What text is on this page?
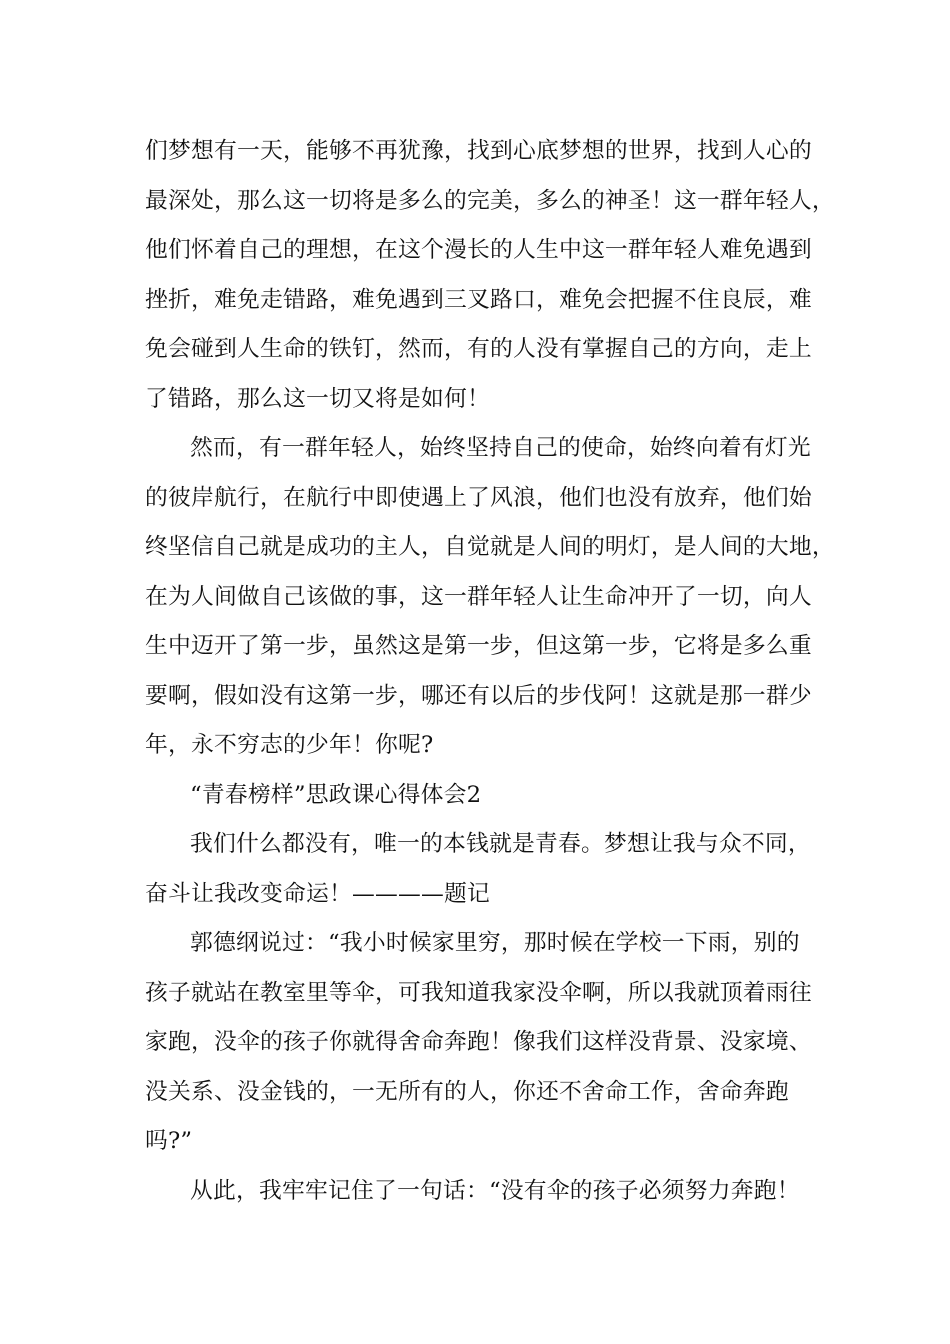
们梦想有一天，能够不再犹豫，找到心底梦想的世界，找到人心的
最深处，那么这一切将是多么的完美，多么的神圣！这一群年轻人，
他们怀着自己的理想，在这个漫长的人生中这一群年轻人难免遇到
挫折，难免走错路，难免遇到三叉路口，难免会把握不住良辰，难
免会碰到人生命的铁钉，然而，有的人没有掌握自己的方向，走上
了错路，那么这一切又将是如何！

然而，有一群年轻人，始终坚持自己的使命，始终向着有灯光
的彼岸航行，在航行中即使遇上了风浪，他们也没有放弃，他们始
终坚信自己就是成功的主人，自觉就是人间的明灯，是人间的大地，
在为人间做自己该做的事，这一群年轻人让生命冲开了一切，向人
生中迈开了第一步，虽然这是第一步，但这第一步，它将是多么重
要啊，假如没有这第一步，哪还有以后的步伐阿！这就是那一群少
年，永不穷志的少年！你呢?

“青春榜样”思政课心得体会2

我们什么都没有，唯一的本钱就是青春。梦想让我与众不同，
奋斗让我改变命运！————题记

郭德纲说过：“我小时候家里穷，那时候在学校一下雨，别的
孩子就站在教室里等伞，可我知道我家没伞啊，所以我就顶着雨往
家跑，没伞的孩子你就得舍命奔跑！像我们这样没背景、没家境、
没关系、没金钱的，一无所有的人，你还不舍命工作，舍命奔跑
吗?”

从此，我牢牢记住了一句话：“没有伞的孩子必须努力奔跑！
